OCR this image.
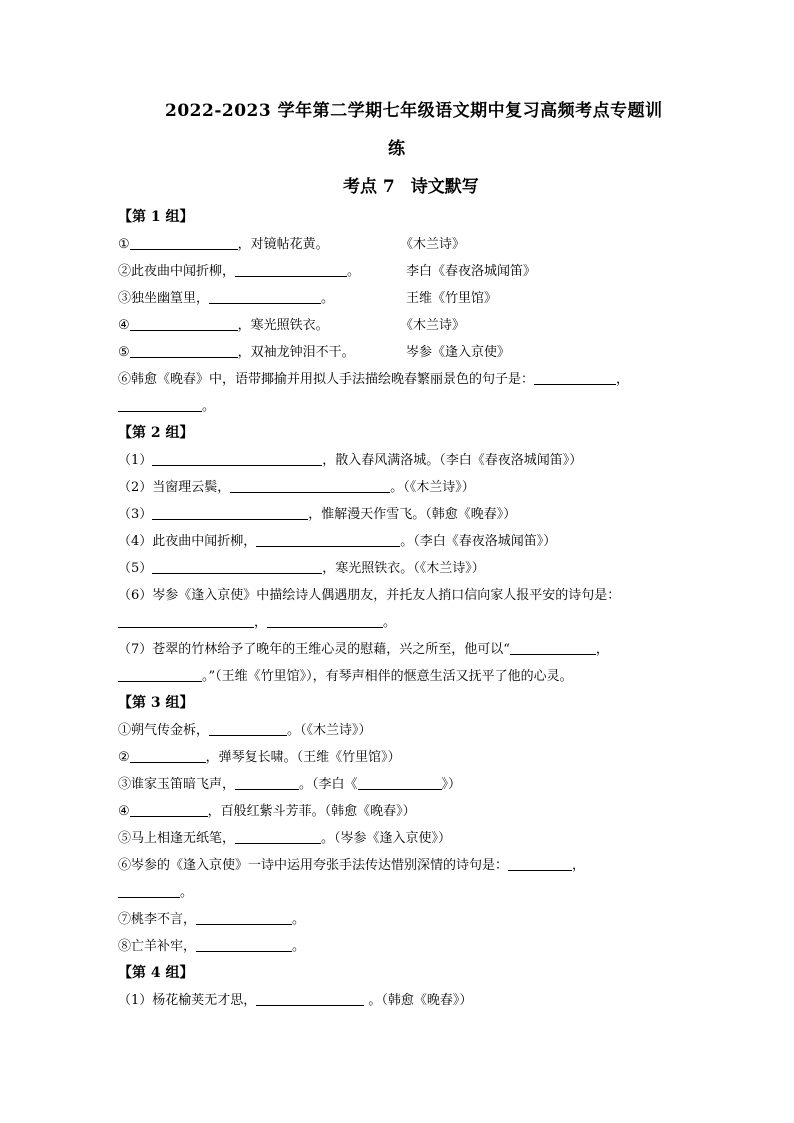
2022-2023 学年第二学期七年级语文期中复习高频考点专题训
练
考点 7 诗文默写
【第 1 组】
①	，对镜帖花黄。	《木兰诗》
②此夜曲中闻折柳，	。	李白《春夜洛城闻笛》
③独坐幽篁里，	。	王维《竹里馆》
④	，寒光照铁衣。	《木兰诗》
⑤	，双袖龙钟泪不干。	岑参《逢入京使》
⑥韩愈《晚春》中，语带揶揄并用拟人手法描绘晚春繁丽景色的句子是：	，
。
【第 2 组】
（1）	，散入春风满洛城。（李白《春夜洛城闻笛》）
（2）当窗理云鬓，	。（《木兰诗》）
（3）	，惟解漫天作雪飞。（韩愈《晚春》）
（4）此夜曲中闻折柳，	。（李白《春夜洛城闻笛》）
（5）	，寒光照铁衣。（《木兰诗》）
（6）岑参《逢入京使》中描绘诗人偶遇朋友，并托友人捎口信向家人报平安的诗句是：
，	。
（7）苍翠的竹林给予了晚年的王维心灵的慰藉，兴之所至，他可以“	，
。”（王维《竹里馆》），有琴声相伴的惬意生活又抚平了他的心灵。
【第 3 组】
①朔气传金柝，	。（《木兰诗》）
②	，弹琴复长啸。（王维《竹里馆》）
③谁家玉笛暗飞声，	。（李白《	》）
④	，百般红紫斗芳菲。（韩愈《晚春》）
⑤马上相逢无纸笔，	。（岑参《逢入京使》）
⑥岑参的《逢入京使》一诗中运用夸张手法传达惜别深情的诗句是：	，
。
⑦桃李不言，	。
⑧亡羊补牢，	。
【第 4 组】
（1）杨花榆荚无才思，	。（韩愈《晚春》）
